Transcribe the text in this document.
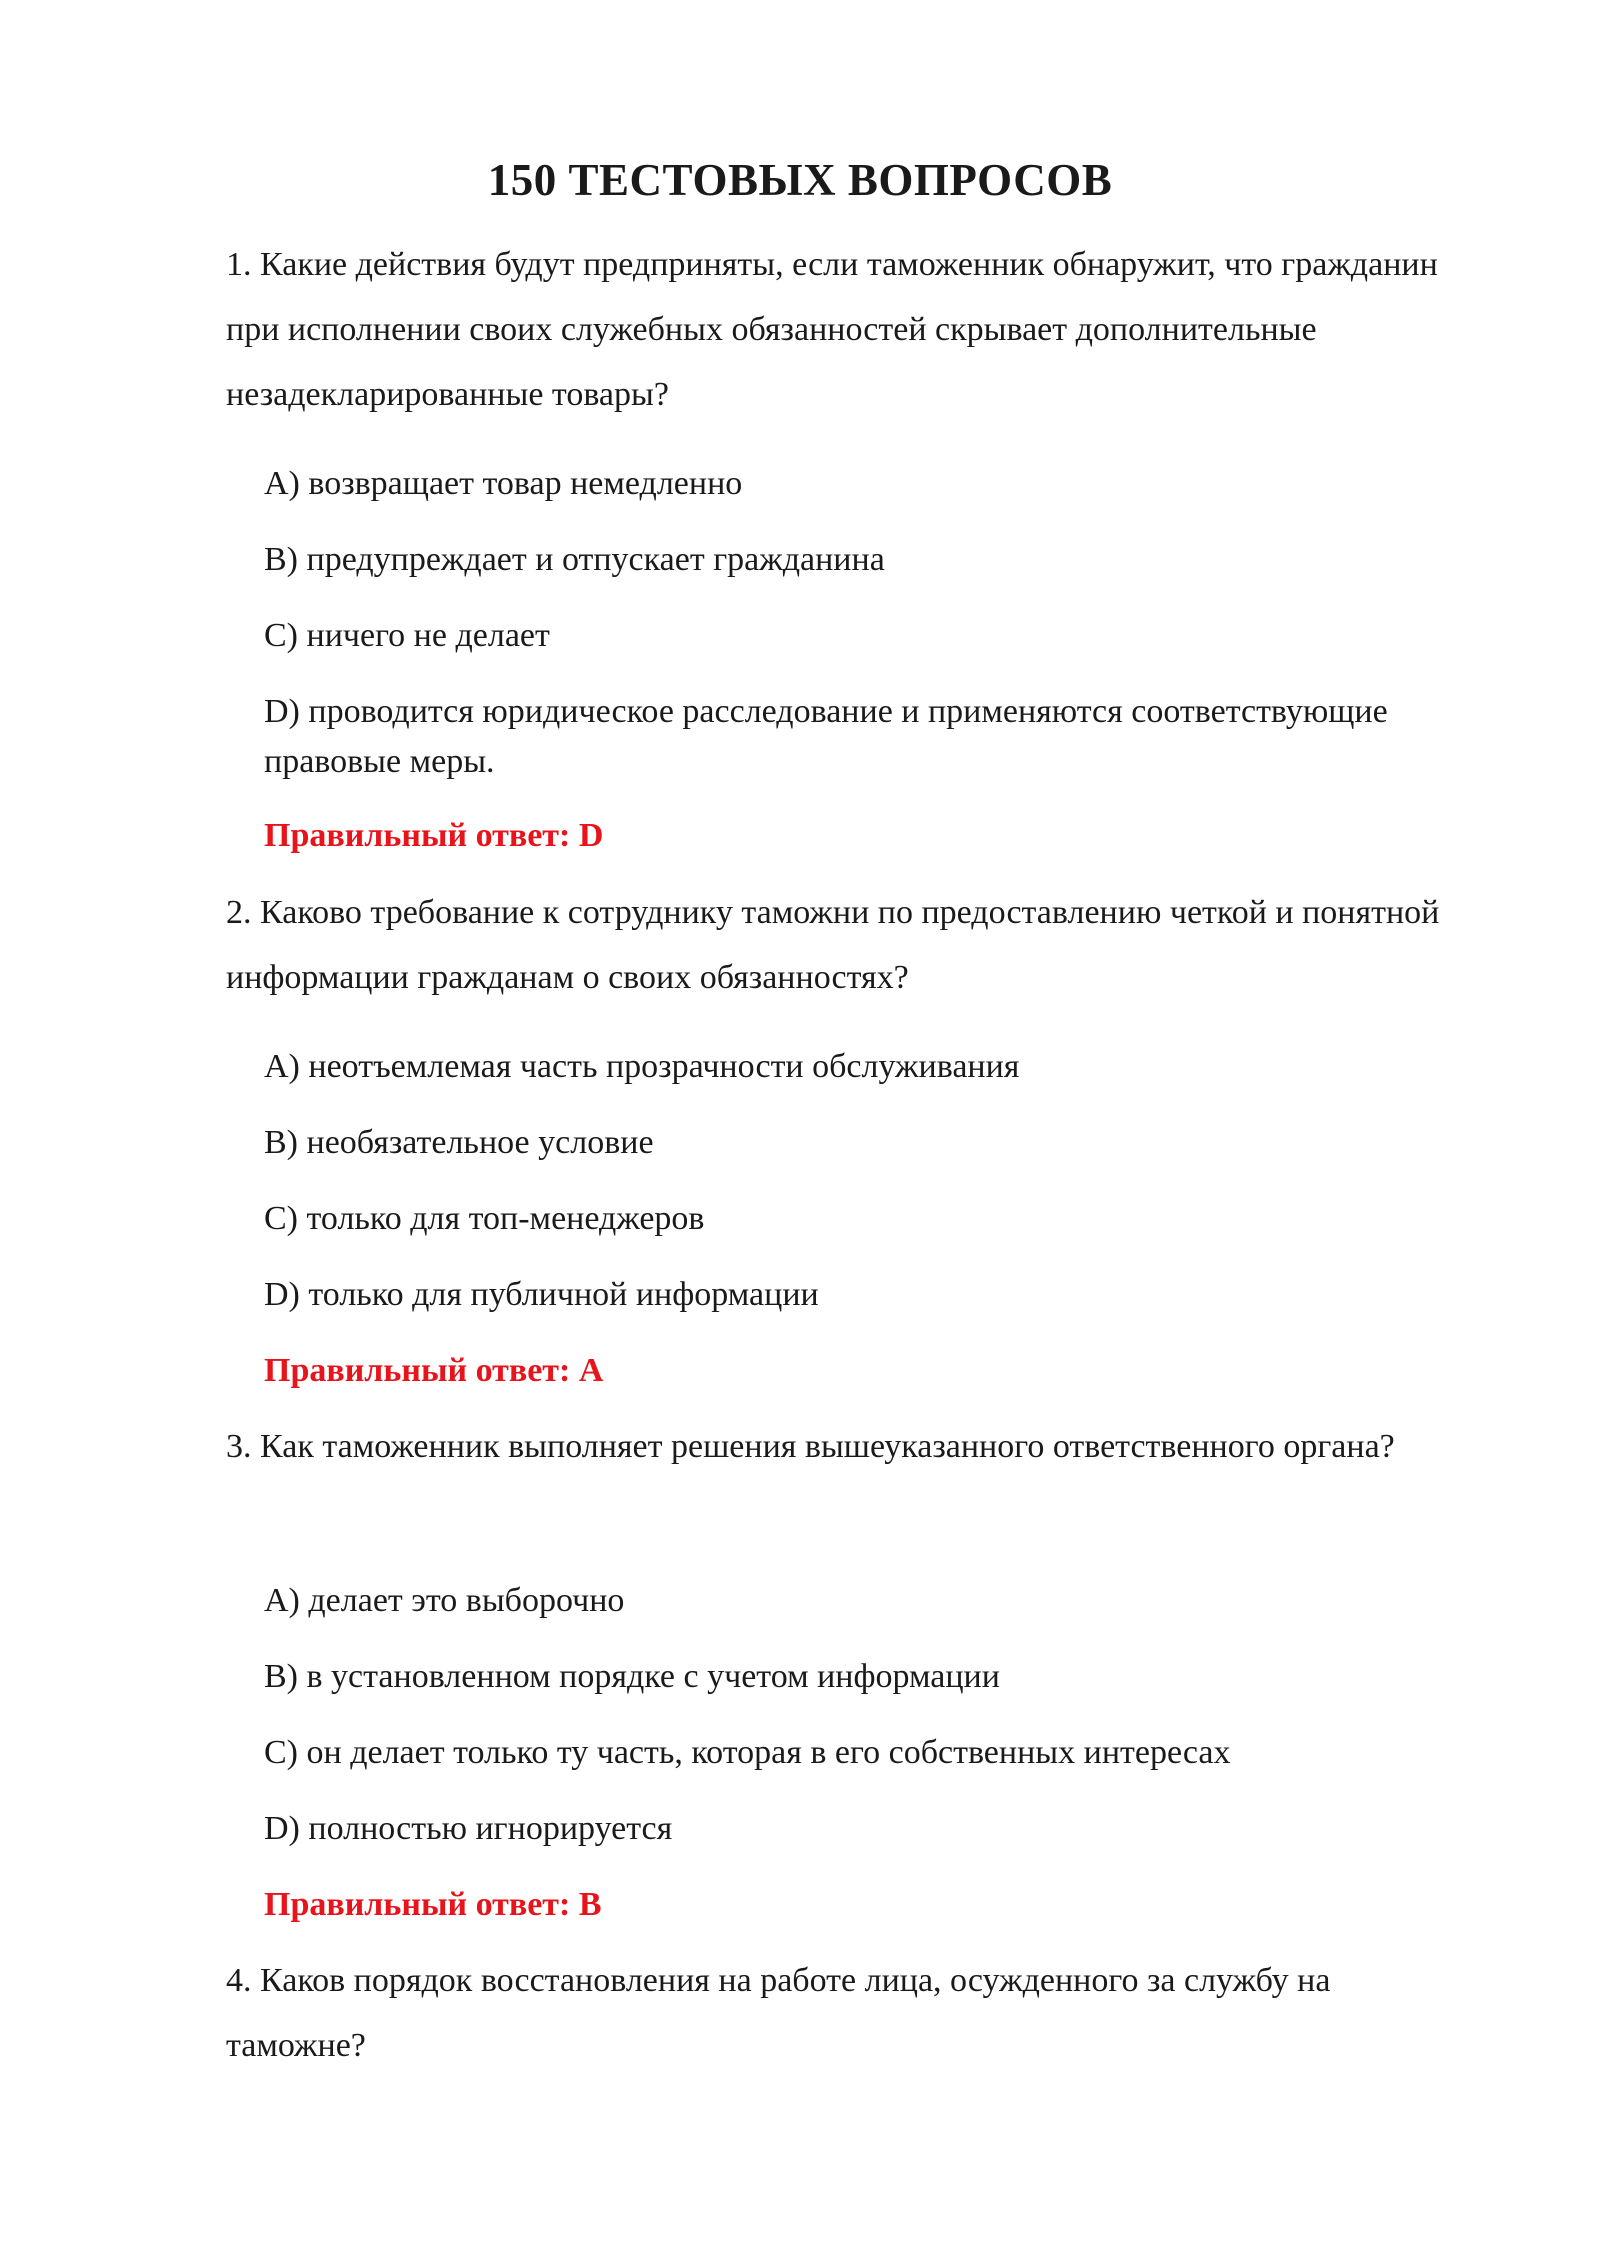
150 ТЕСТОВЫХ ВОПРОСОВ

1. Какие действия будут предприняты, если таможенник обнаружит, что гражданин при исполнении своих служебных обязанностей скрывает дополнительные незадекларированные товары?

A) возвращает товар немедленно

B) предупреждает и отпускает гражданина

C) ничего не делает

D) проводится юридическое расследование и применяются соответствующие правовые меры.

Правильный ответ: D

2. Каково требование к сотруднику таможни по предоставлению четкой и понятной информации гражданам о своих обязанностях?

A) неотъемлемая часть прозрачности обслуживания

B) необязательное условие

C) только для топ-менеджеров

D) только для публичной информации

Правильный ответ: A

3. Как таможенник выполняет решения вышеуказанного ответственного органа?

A) делает это выборочно

B) в установленном порядке с учетом информации

C) он делает только ту часть, которая в его собственных интересах

D) полностью игнорируется

Правильный ответ: B

4. Каков порядок восстановления на работе лица, осужденного за службу на таможне?
